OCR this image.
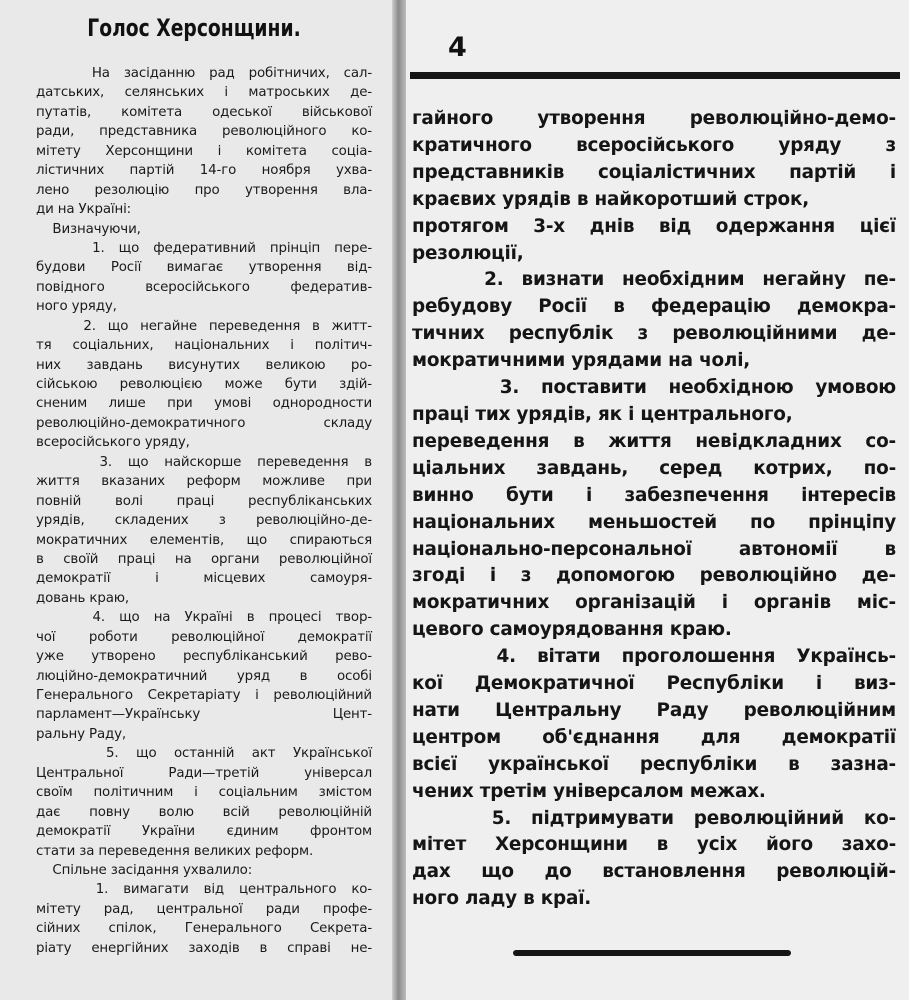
Голос Херсонщини.
4
На засіданню рад робітничих, сал-
датських, селянських і матроських де-
путатів, комітета одеської військової
ради, представника революційного ко-
мітету Херсонщини і комітета соціа-
лістичних партій 14-го ноября ухва-
лено резолюцію про утворення вла-
ди на Україні:
Визначуючи,
1. що федеративний прінціп пере-
будови Росії вимагає утворення від-
повідного всеросійського федератив-
ного уряду,
2. що негайне переведення в житт-
тя соціальних, національних і політич-
них завдань висунутих великою ро-
сійською революцією може бути здій-
сненим лише при умові однородности
революційно-демократичного складу
всеросійського уряду,
3. що найскорше переведення в
життя вказаних реформ можливе при
повній волі праці республіканських
урядів, складених з революційно-де-
мократичних елементів, що спираються
в своїй праці на органи революційної
демократії і місцевих самоуря-
довань краю,
4. що на Україні в процесі твор-
чої роботи революційної демократії
уже утворено республіканський рево-
люційно-демократичний уряд в особі
Генерального Секретаріату і революційний
парламент—Українську Цент-
ральну Раду,
5. що останній акт Української
Центральної Ради—третій універсал
своїм політичним і соціальним змістом
дає повну волю всій революційній
демократії України єдиним фронтом
стати за переведення великих реформ.
Спільне засідання ухвалило:
1. вимагати від центрального ко-
мітету рад, центральної ради профе-
сійних спілок, Генерального Секрета-
ріату енергійних заходів в справі не-
гайного утворення революційно-демо-
кратичного всеросійського уряду з
представників соціалістичних партій і
краєвих урядів в найкоротший строк,
протягом 3-х днів від одержання цієї
резолюції,
2. визнати необхідним негайну пе-
ребудову Росії в федерацію демокра-
тичних республік з революційними де-
мократичними урядами на чолі,
3. поставити необхідною умовою
праці тих урядів, як і центрального,
переведення в життя невідкладних со-
ціальних завдань, серед котрих, по-
винно бути і забезпечення інтересів
національних меньшостей по прінціпу
національно-персональної автономії в
згоді і з допомогою революційно де-
мократичних організацій і органів міс-
цевого самоурядовання краю.
4. вітати проголошення Українсь-
кої Демократичної Республіки і виз-
нати Центральну Раду революційним
центром об'єднання для демократії
всієї української республіки в зазна-
чених третім універсалом межах.
5. підтримувати революційний ко-
мітет Херсонщини в усіх його захо-
дах що до встановлення революцій-
ного ладу в краї.
